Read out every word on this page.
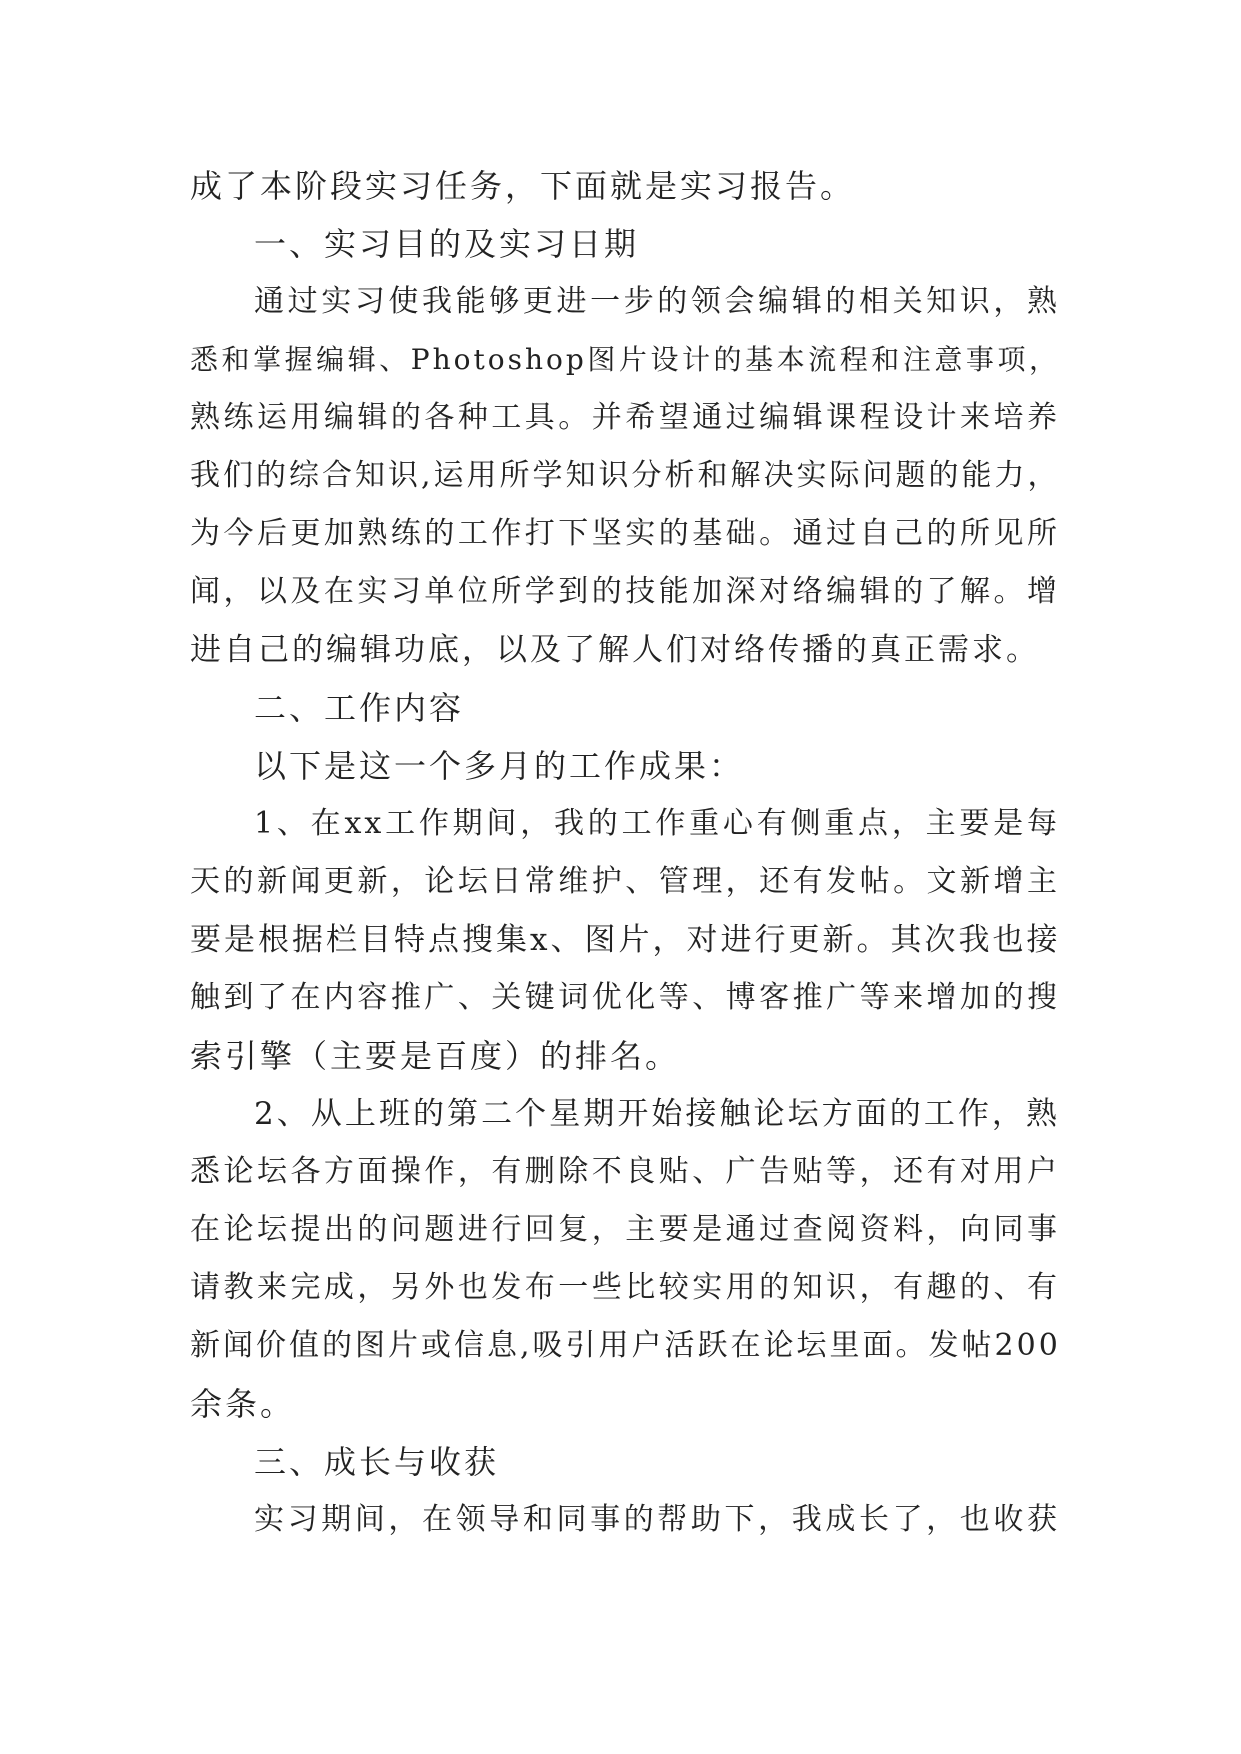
成了本阶段实习任务，下面就是实习报告。
一、实习目的及实习日期
通过实习使我能够更进一步的领会编辑的相关知识，熟
悉和掌握编辑、Photoshop图片设计的基本流程和注意事项，
熟练运用编辑的各种工具。并希望通过编辑课程设计来培养
我们的综合知识,运用所学知识分析和解决实际问题的能力，
为今后更加熟练的工作打下坚实的基础。通过自己的所见所
闻，以及在实习单位所学到的技能加深对络编辑的了解。增
进自己的编辑功底，以及了解人们对络传播的真正需求。
二、工作内容
以下是这一个多月的工作成果：
1、在xx工作期间，我的工作重心有侧重点，主要是每
天的新闻更新，论坛日常维护、管理，还有发帖。文新增主
要是根据栏目特点搜集x、图片，对进行更新。其次我也接
触到了在内容推广、关键词优化等、博客推广等来增加的搜
索引擎（主要是百度）的排名。
2、从上班的第二个星期开始接触论坛方面的工作，熟
悉论坛各方面操作，有删除不良贴、广告贴等，还有对用户
在论坛提出的问题进行回复，主要是通过查阅资料，向同事
请教来完成，另外也发布一些比较实用的知识，有趣的、有
新闻价值的图片或信息,吸引用户活跃在论坛里面。发帖200
余条。
三、成长与收获
实习期间，在领导和同事的帮助下，我成长了，也收获
